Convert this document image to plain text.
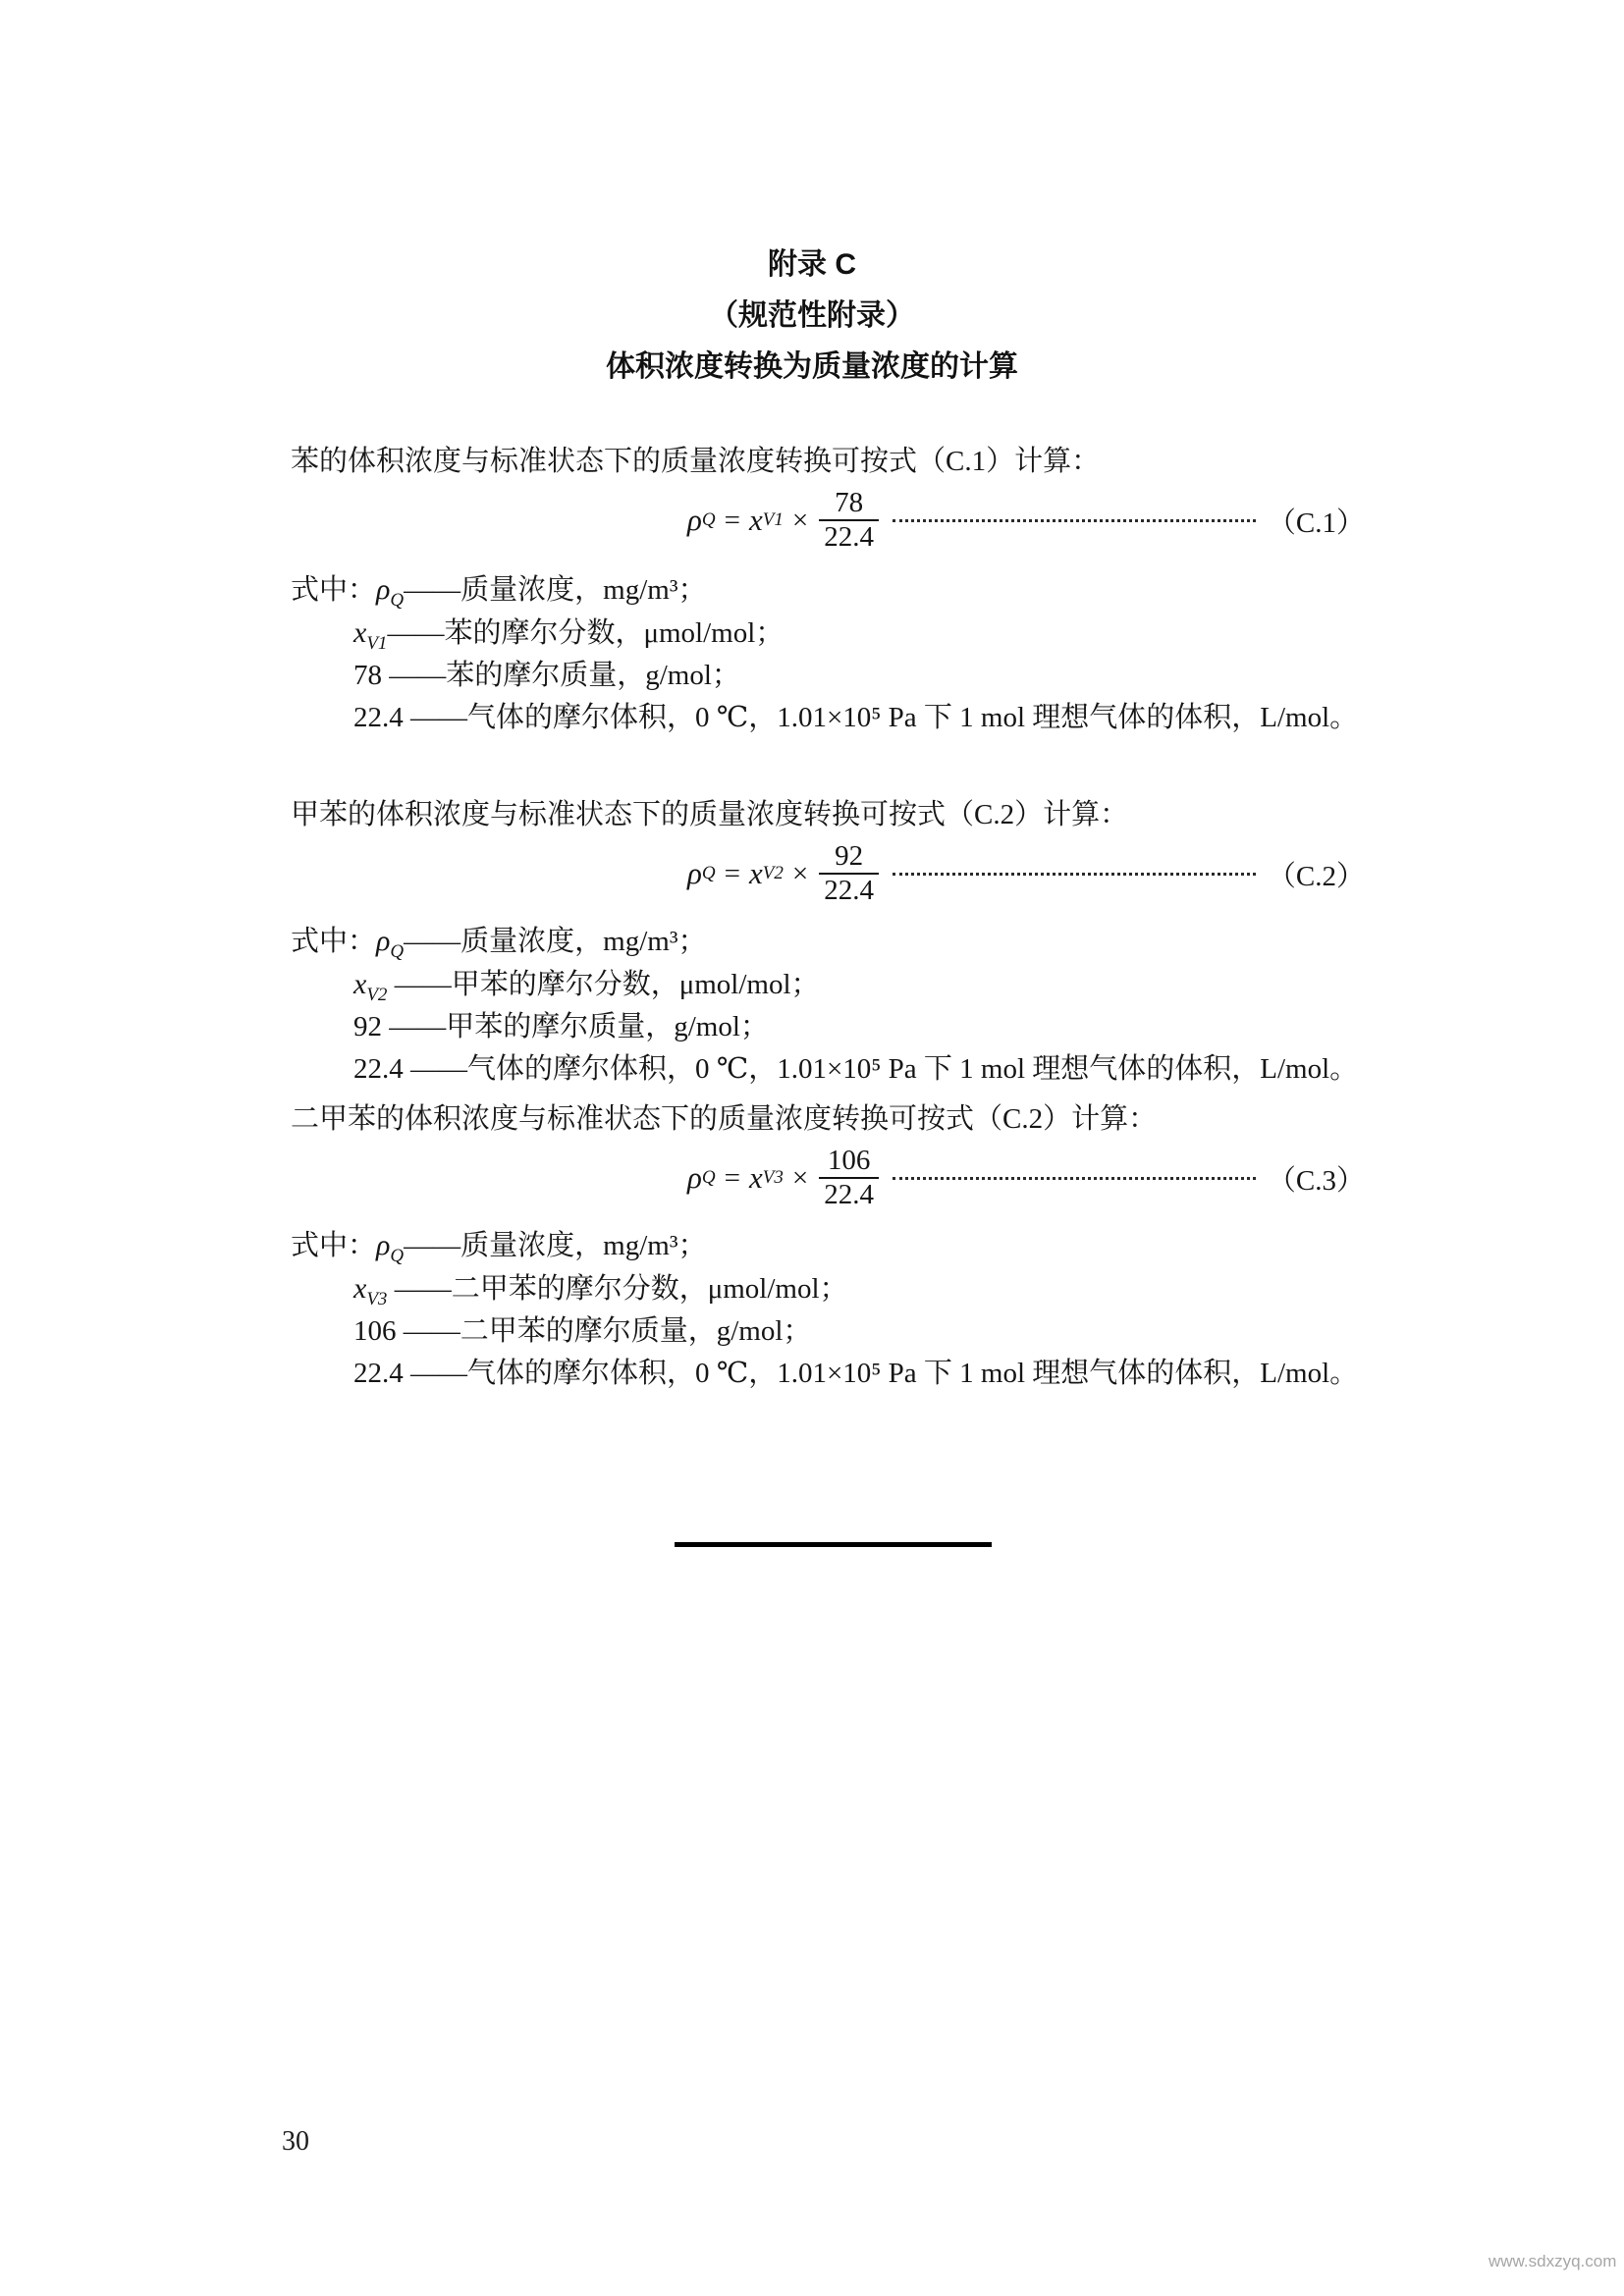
附录 C
（规范性附录）
体积浓度转换为质量浓度的计算
苯的体积浓度与标准状态下的质量浓度转换可按式（C.1）计算：
ρ Q = x $V1 \times \frac{78}{22.4}$	（C.1）
式中：$\rho_Q——$质量浓度，mg/m³；
$x_{V1}——$苯的摩尔分数，μmol/mol；
78 ——苯的摩尔质量，g/mol；
22.4 ——气体的摩尔体积，0 ℃，1.01×10⁵ Pa 下 1 mol 理想气体的体积，L/mol。
甲苯的体积浓度与标准状态下的质量浓度转换可按式（C.2）计算：
ρ Q = x $V2 \times \frac{92}{22.4}$	（C.2）
式中：$\rho_Q——$质量浓度，mg/m³；
$x_{V2}$ ——甲苯的摩尔分数，μmol/mol；
92 ——甲苯的摩尔质量，g/mol；
22.4 ——气体的摩尔体积，0 ℃，1.01×10⁵ Pa 下 1 mol 理想气体的体积，L/mol。
二甲苯的体积浓度与标准状态下的质量浓度转换可按式（C.2）计算：
ρ Q = x $V3 \times \frac{106}{22.4}$	（C.3）
式中：$\rho_Q——$质量浓度，mg/m³；
$x_{V3}$ ——二甲苯的摩尔分数，μmol/mol；
106 ——二甲苯的摩尔质量，g/mol；
22.4 ——气体的摩尔体积，0 ℃，1.01×10⁵ Pa 下 1 mol 理想气体的体积，L/mol。
30
www.sdxzyq.com
